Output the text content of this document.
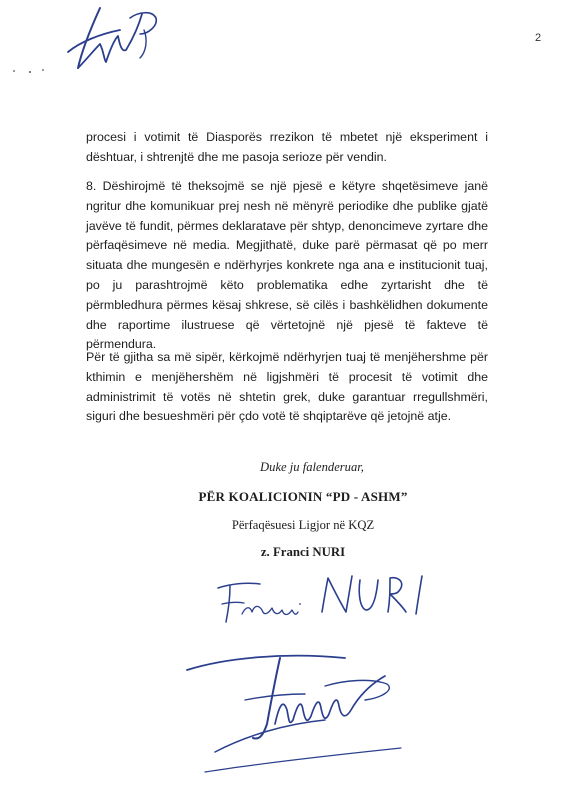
2

procesi i votimit të Diasporës rrezikon të mbetet një eksperiment i dështuar, i shtrenjtë dhe me pasoja serioze për vendin.

8. Dëshirojmë të theksojmë se një pjesë e këtyre shqetësimeve janë ngritur dhe komunikuar prej nesh në mënyrë periodike dhe publike gjatë javëve të fundit, përmes deklaratave për shtyp, denoncimeve zyrtare dhe përfaqësimeve në media. Megjithatë, duke parë përmasat që po merr situata dhe mungesën e ndërhyrjes konkrete nga ana e institucionit tuaj, po ju parashtrojmë këto problematika edhe zyrtarisht dhe të përmbledhura përmes kësaj shkrese, së cilës i bashkëlidhen dokumente dhe raportime ilustruese që vërtetojnë një pjesë të fakteve të përmendura.

Për të gjitha sa më sipër, kërkojmë ndërhyrjen tuaj të menjëhershme për kthimin e menjëhershëm në ligjshmëri të procesit të votimit dhe administrimit të votës në shtetin grek, duke garantuar rregullshmëri, siguri dhe besueshmëri për çdo votë të shqiptarëve që jetojnë atje.

Duke ju falenderuar,
PËR KOALICIONIN “PD - ASHM”
Përfaqësuesi Ligjor në KQZ
z. Franci NURI
